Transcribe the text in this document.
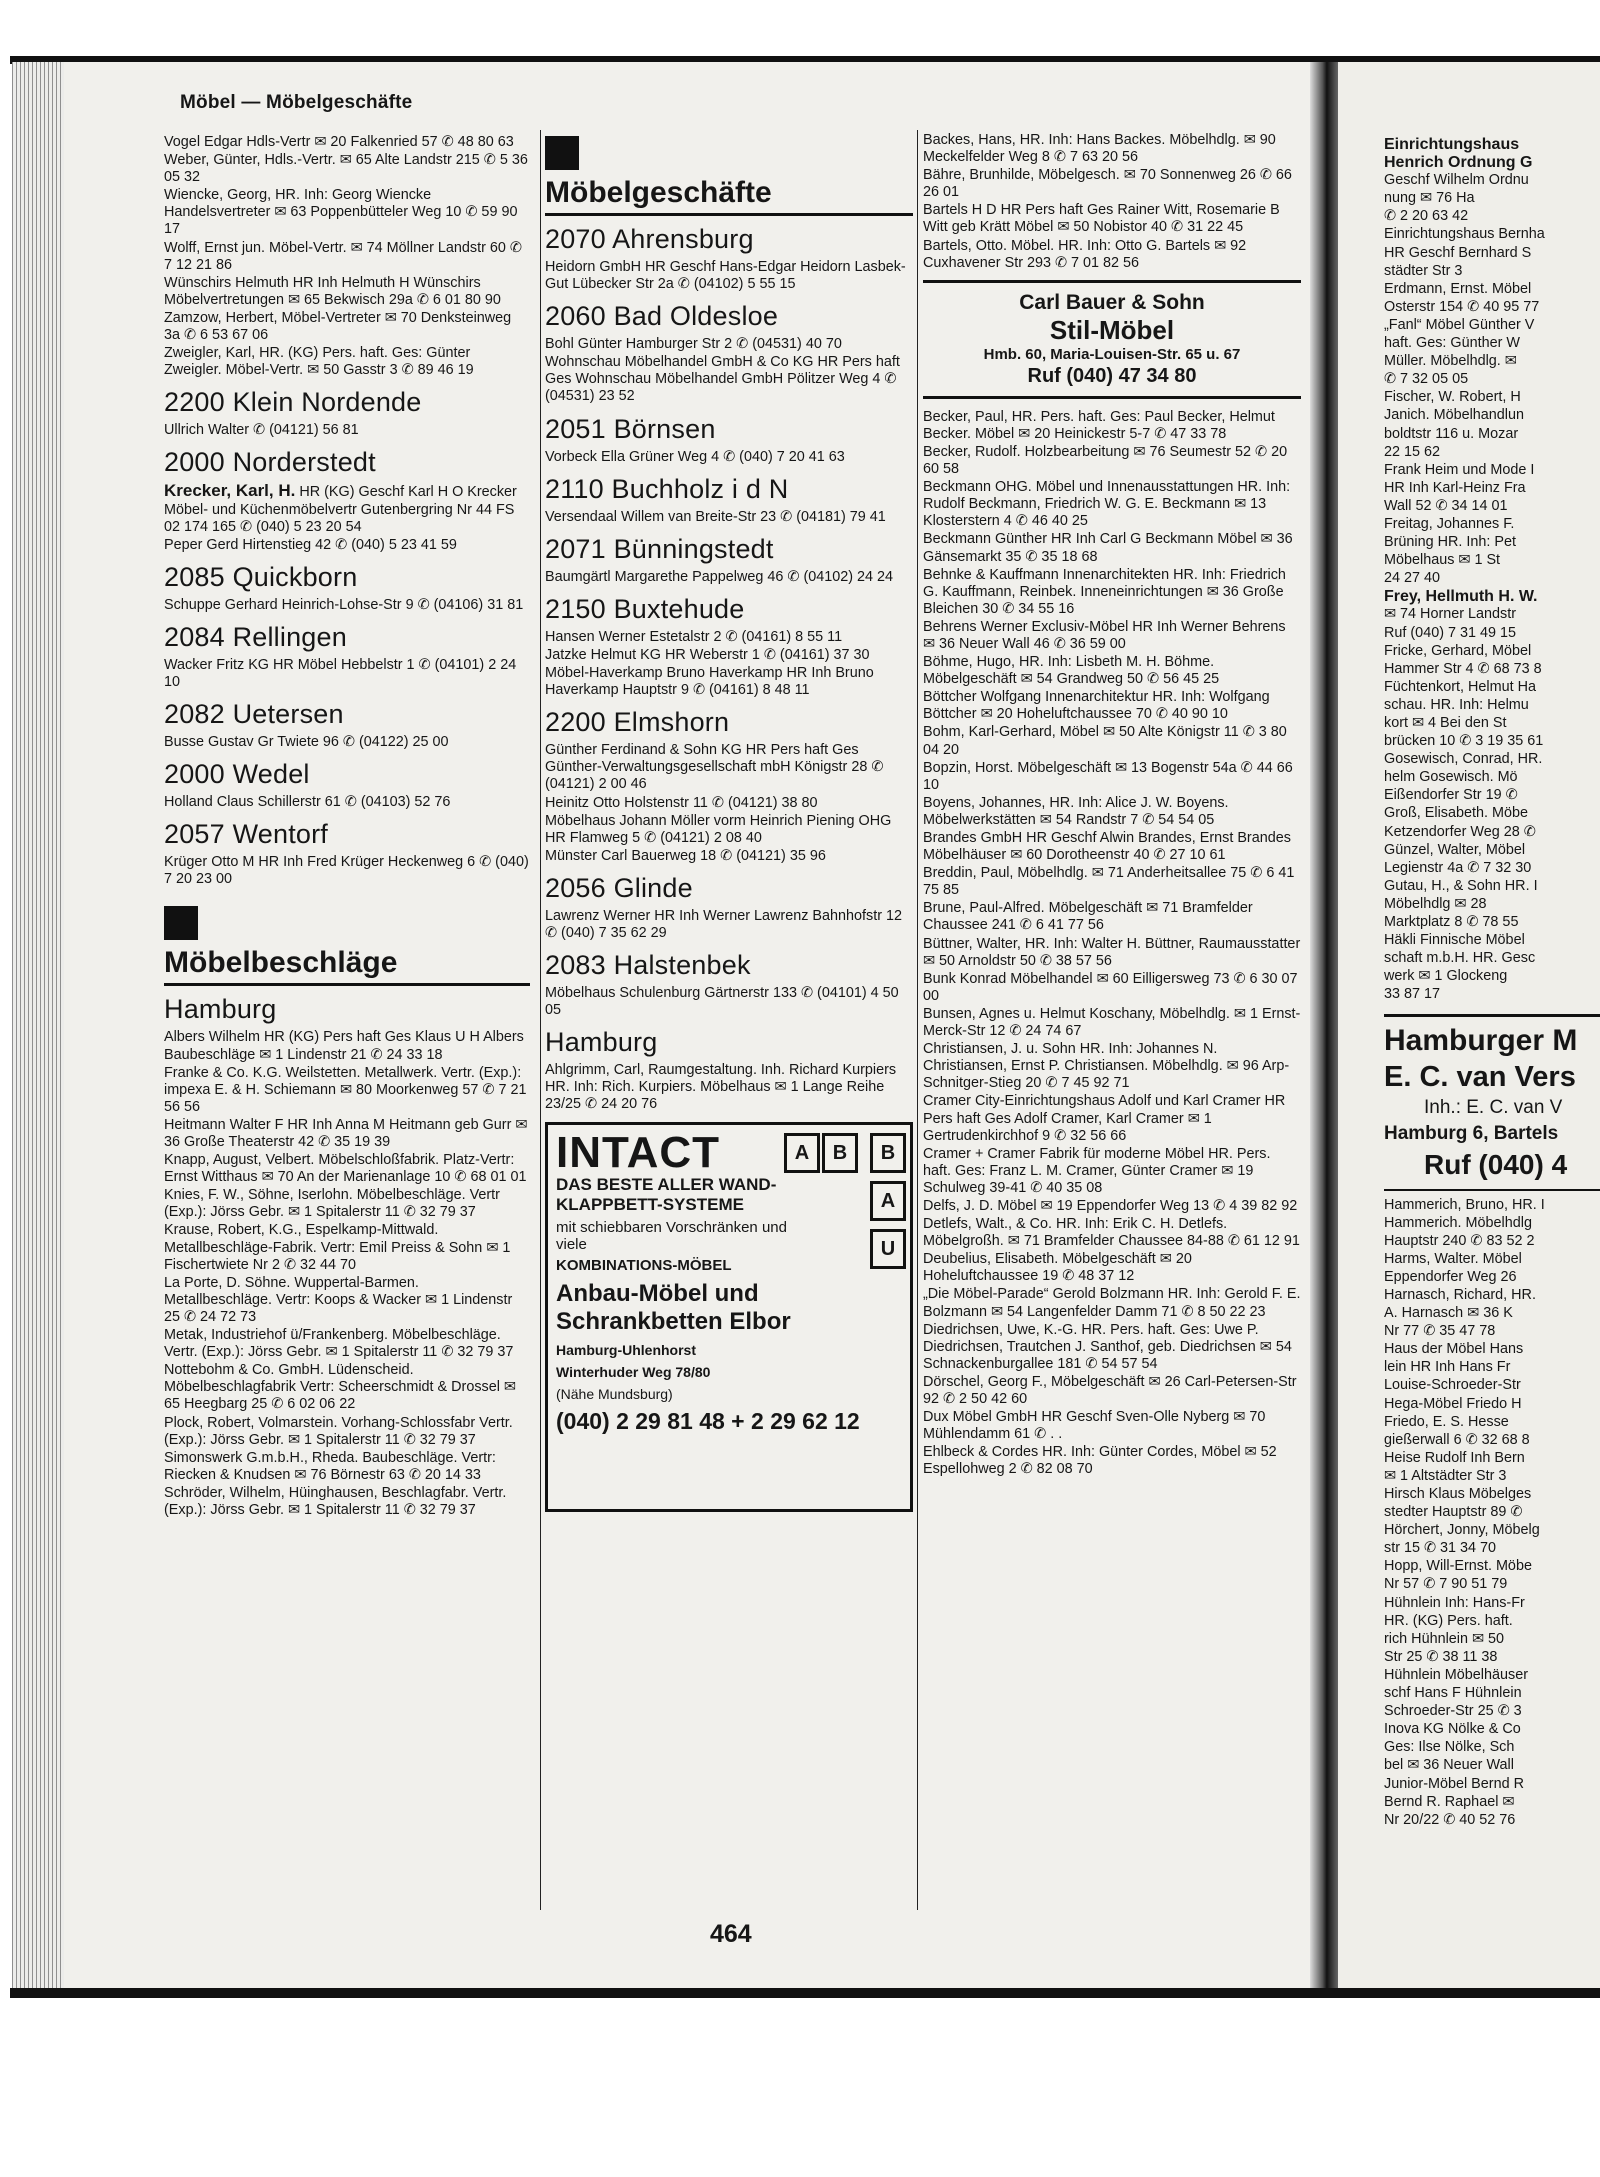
Möbel — Möbelgeschäfte
Vogel Edgar Hdls-Vertr ✉ 20 Falkenried 57 ✆ 48 80 63
Weber, Günter, Hdls.-Vertr. ✉ 65 Alte Landstr 215 ✆ 5 36 05 32
Wiencke, Georg, HR. Inh: Georg Wiencke Handelsvertreter ✉ 63 Poppenbütteler Weg 10 ✆ 59 90 17
Wolff, Ernst jun. Möbel-Vertr. ✉ 74 Möllner Landstr 60 ✆ 7 12 21 86
Wünschirs Helmuth HR Inh Helmuth H Wünschirs Möbelvertretungen ✉ 65 Bekwisch 29a ✆ 6 01 80 90
Zamzow, Herbert, Möbel-Vertreter ✉ 70 Denksteinweg 3a ✆ 6 53 67 06
Zweigler, Karl, HR. (KG) Pers. haft. Ges: Günter Zweigler. Möbel-Vertr. ✉ 50 Gasstr 3 ✆ 89 46 19
2200 Klein Nordende
Ullrich Walter ✆ (04121) 56 81
2000 Norderstedt
Krecker, Karl, H. HR (KG) Geschf Karl H O Krecker Möbel- und Küchenmöbelvertr Gutenbergring Nr 44 FS 02 174 165 ✆ (040) 5 23 20 54
Peper Gerd Hirtenstieg 42 ✆ (040) 5 23 41 59
2085 Quickborn
Schuppe Gerhard Heinrich-Lohse-Str 9 ✆ (04106) 31 81
2084 Rellingen
Wacker Fritz KG HR Möbel Hebbelstr 1 ✆ (04101) 2 24 10
2082 Uetersen
Busse Gustav Gr Twiete 96 ✆ (04122) 25 00
2000 Wedel
Holland Claus Schillerstr 61 ✆ (04103) 52 76
2057 Wentorf
Krüger Otto M HR Inh Fred Krüger Heckenweg 6 ✆ (040) 7 20 23 00
Möbelbeschläge
Hamburg
Albers Wilhelm HR (KG) Pers haft Ges Klaus U H Albers Baubeschläge ✉ 1 Lindenstr 21 ✆ 24 33 18
Franke & Co. K.G. Weilstetten. Metallwerk. Vertr. (Exp.): impexa E. & H. Schiemann ✉ 80 Moorkenweg 57 ✆ 7 21 56 56
Heitmann Walter F HR Inh Anna M Heitmann geb Gurr ✉ 36 Große Theaterstr 42 ✆ 35 19 39
Knapp, August, Velbert. Möbelschloßfabrik. Platz-Vertr: Ernst Witthaus ✉ 70 An der Marienanlage 10 ✆ 68 01 01
Knies, F. W., Söhne, Iserlohn. Möbelbeschläge. Vertr (Exp.): Jörss Gebr. ✉ 1 Spitalerstr 11 ✆ 32 79 37
Krause, Robert, K.G., Espelkamp-Mittwald. Metallbeschläge-Fabrik. Vertr: Emil Preiss & Sohn ✉ 1 Fischertwiete Nr 2 ✆ 32 44 70
La Porte, D. Söhne. Wuppertal-Barmen. Metallbeschläge. Vertr: Koops & Wacker ✉ 1 Lindenstr 25 ✆ 24 72 73
Metak, Industriehof ü/Frankenberg. Möbelbeschläge. Vertr. (Exp.): Jörss Gebr. ✉ 1 Spitalerstr 11 ✆ 32 79 37
Nottebohm & Co. GmbH. Lüdenscheid. Möbelbeschlagfabrik Vertr: Scheerschmidt & Drossel ✉ 65 Heegbarg 25 ✆ 6 02 06 22
Plock, Robert, Volmarstein. Vorhang-Schlossfabr Vertr.(Exp.): Jörss Gebr. ✉ 1 Spitalerstr 11 ✆ 32 79 37
Simonswerk G.m.b.H., Rheda. Baubeschläge. Vertr: Riecken & Knudsen ✉ 76 Börnestr 63 ✆ 20 14 33
Schröder, Wilhelm, Hüinghausen, Beschlagfabr. Vertr. (Exp.): Jörss Gebr. ✉ 1 Spitalerstr 11 ✆ 32 79 37
Möbelgeschäfte
2070 Ahrensburg
Heidorn GmbH HR Geschf Hans-Edgar Heidorn Lasbek-Gut Lübecker Str 2a ✆ (04102) 5 55 15
2060 Bad Oldesloe
Bohl Günter Hamburger Str 2 ✆ (04531) 40 70
Wohnschau Möbelhandel GmbH & Co KG HR Pers haft Ges Wohnschau Möbelhandel GmbH Pölitzer Weg 4 ✆ (04531) 23 52
2051 Börnsen
Vorbeck Ella Grüner Weg 4 ✆ (040) 7 20 41 63
2110 Buchholz i d N
Versendaal Willem van Breite-Str 23 ✆ (04181) 79 41
2071 Bünningstedt
Baumgärtl Margarethe Pappelweg 46 ✆ (04102) 24 24
2150 Buxtehude
Hansen Werner Estetalstr 2 ✆ (04161) 8 55 11
Jatzke Helmut KG HR Weberstr 1 ✆ (04161) 37 30
Möbel-Haverkamp Bruno Haverkamp HR Inh Bruno Haverkamp Hauptstr 9 ✆ (04161) 8 48 11
2200 Elmshorn
Günther Ferdinand & Sohn KG HR Pers haft Ges Günther-Verwaltungsgesellschaft mbH Königstr 28 ✆ (04121) 2 00 46
Heinitz Otto Holstenstr 11 ✆ (04121) 38 80
Möbelhaus Johann Möller vorm Heinrich Piening OHG HR Flamweg 5 ✆ (04121) 2 08 40
Münster Carl Bauerweg 18 ✆ (04121) 35 96
2056 Glinde
Lawrenz Werner HR Inh Werner Lawrenz Bahnhofstr 12 ✆ (040) 7 35 62 29
2083 Halstenbek
Möbelhaus Schulenburg Gärtnerstr 133 ✆ (04101) 4 50 05
Hamburg
Ahlgrimm, Carl, Raumgestaltung. Inh. Richard Kurpiers HR. Inh: Rich. Kurpiers. Möbelhaus ✉ 1 Lange Reihe 23/25 ✆ 24 20 76
INTACT	A B	B
A
U
DAS BESTE ALLER WAND-KLAPPBETT-SYSTEME
mit schiebbaren Vorschränken und viele
KOMBINATIONS-MÖBEL
Anbau-Möbel und Schrankbetten Elbor
Hamburg-Uhlenhorst
Winterhuder Weg 78/80
(Nähe Mundsburg)
(040) 2 29 81 48 + 2 29 62 12
Backes, Hans, HR. Inh: Hans Backes. Möbelhdlg. ✉ 90 Meckelfelder Weg 8 ✆ 7 63 20 56
Bähre, Brunhilde, Möbelgesch. ✉ 70 Sonnenweg 26 ✆ 66 26 01
Bartels H D HR Pers haft Ges Rainer Witt, Rosemarie B Witt geb Krätt Möbel ✉ 50 Nobistor 40 ✆ 31 22 45
Bartels, Otto. Möbel. HR. Inh: Otto G. Bartels ✉ 92 Cuxhavener Str 293 ✆ 7 01 82 56
Carl Bauer & Sohn
Stil-Möbel
Hmb. 60, Maria-Louisen-Str. 65 u. 67
Ruf (040) 47 34 80
Becker, Paul, HR. Pers. haft. Ges: Paul Becker, Helmut Becker. Möbel ✉ 20 Heinickestr 5-7 ✆ 47 33 78
Becker, Rudolf. Holzbearbeitung ✉ 76 Seumestr 52 ✆ 20 60 58
Beckmann OHG. Möbel und Innenausstattungen HR. Inh: Rudolf Beckmann, Friedrich W. G. E. Beckmann ✉ 13 Klosterstern 4 ✆ 46 40 25
Beckmann Günther HR Inh Carl G Beckmann Möbel ✉ 36 Gänsemarkt 35 ✆ 35 18 68
Behnke & Kauffmann Innenarchitekten HR. Inh: Friedrich G. Kauffmann, Reinbek. Inneneinrichtungen ✉ 36 Große Bleichen 30 ✆ 34 55 16
Behrens Werner Exclusiv-Möbel HR Inh Werner Behrens ✉ 36 Neuer Wall 46 ✆ 36 59 00
Böhme, Hugo, HR. Inh: Lisbeth M. H. Böhme. Möbelgeschäft ✉ 54 Grandweg 50 ✆ 56 45 25
Böttcher Wolfgang Innenarchitektur HR. Inh: Wolfgang Böttcher ✉ 20 Hoheluftchaussee 70 ✆ 40 90 10
Bohm, Karl-Gerhard, Möbel ✉ 50 Alte Königstr 11 ✆ 3 80 04 20
Bopzin, Horst. Möbelgeschäft ✉ 13 Bogenstr 54a ✆ 44 66 10
Boyens, Johannes, HR. Inh: Alice J. W. Boyens. Möbelwerkstätten ✉ 54 Randstr 7 ✆ 54 54 05
Brandes GmbH HR Geschf Alwin Brandes, Ernst Brandes Möbelhäuser ✉ 60 Dorotheenstr 40 ✆ 27 10 61
Breddin, Paul, Möbelhdlg. ✉ 71 Anderheitsallee 75 ✆ 6 41 75 85
Brune, Paul-Alfred. Möbelgeschäft ✉ 71 Bramfelder Chaussee 241 ✆ 6 41 77 56
Büttner, Walter, HR. Inh: Walter H. Büttner, Raumausstatter ✉ 50 Arnoldstr 50 ✆ 38 57 56
Bunk Konrad Möbelhandel ✉ 60 Eilligersweg 73 ✆ 6 30 07 00
Bunsen, Agnes u. Helmut Koschany, Möbelhdlg. ✉ 1 Ernst-Merck-Str 12 ✆ 24 74 67
Christiansen, J. u. Sohn HR. Inh: Johannes N. Christiansen, Ernst P. Christiansen. Möbelhdlg. ✉ 96 Arp-Schnitger-Stieg 20 ✆ 7 45 92 71
Cramer City-Einrichtungshaus Adolf und Karl Cramer HR Pers haft Ges Adolf Cramer, Karl Cramer ✉ 1 Gertrudenkirchhof 9 ✆ 32 56 66
Cramer + Cramer Fabrik für moderne Möbel HR. Pers. haft. Ges: Franz L. M. Cramer, Günter Cramer ✉ 19 Schulweg 39-41 ✆ 40 35 08
Delfs, J. D. Möbel ✉ 19 Eppendorfer Weg 13 ✆ 4 39 82 92
Detlefs, Walt., & Co. HR. Inh: Erik C. H. Detlefs. Möbelgroßh. ✉ 71 Bramfelder Chaussee 84-88 ✆ 61 12 91
Deubelius, Elisabeth. Möbelgeschäft ✉ 20 Hoheluftchaussee 19 ✆ 48 37 12
„Die Möbel-Parade“ Gerold Bolzmann HR. Inh: Gerold F. E. Bolzmann ✉ 54 Langenfelder Damm 71 ✆ 8 50 22 23
Diedrichsen, Uwe, K.-G. HR. Pers. haft. Ges: Uwe P. Diedrichsen, Trautchen J. Santhof, geb. Diedrichsen ✉ 54 Schnackenburgallee 181 ✆ 54 57 54
Dörschel, Georg F., Möbelgeschäft ✉ 26 Carl-Petersen-Str 92 ✆ 2 50 42 60
Dux Möbel GmbH HR Geschf Sven-Olle Nyberg ✉ 70 Mühlendamm 61 ✆ . .
Ehlbeck & Cordes HR. Inh: Günter Cordes, Möbel ✉ 52 Espellohweg 2 ✆ 82 08 70
Einrichtungshaus
Henrich Ordnung G
Geschf Wilhelm Ordnu
nung ✉ 76 Ha
✆ 2 20 63 42
Einrichtungshaus Bernha
HR Geschf Bernhard S
städter Str 3
Erdmann, Ernst. Möbel
Osterstr 154 ✆ 40 95 77
„Fanl“ Möbel Günther V
haft. Ges: Günther W
Müller. Möbelhdlg. ✉
✆ 7 32 05 05
Fischer, W. Robert, H
Janich. Möbelhandlun
boldtstr 116 u. Mozar
22 15 62
Frank Heim und Mode I
HR Inh Karl-Heinz Fra
Wall 52 ✆ 34 14 01
Freitag, Johannes F.
Brüning HR. Inh: Pet
Möbelhaus ✉ 1 St
24 27 40
Frey, Hellmuth H. W.
✉ 74 Horner Landstr
Ruf (040) 7 31 49 15
Fricke, Gerhard, Möbel
Hammer Str 4 ✆ 68 73 8
Füchtenkort, Helmut Ha
schau. HR. Inh: Helmu
kort ✉ 4 Bei den St
brücken 10 ✆ 3 19 35 61
Gosewisch, Conrad, HR.
helm Gosewisch. Mö
Eißendorfer Str 19 ✆
Groß, Elisabeth. Möbe
Ketzendorfer Weg 28 ✆
Günzel, Walter, Möbel
Legienstr 4a ✆ 7 32 30
Gutau, H., & Sohn HR. I
Möbelhdlg ✉ 28
Marktplatz 8 ✆ 78 55
Häkli Finnische Möbel
schaft m.b.H. HR. Gesc
werk ✉ 1 Glockeng
33 87 17
Hamburger M
E. C. van Vers
Inh.: E. C. van V
Hamburg 6, Bartels
Ruf (040) 4
Hammerich, Bruno, HR. I
Hammerich. Möbelhdlg
Hauptstr 240 ✆ 83 52 2
Harms, Walter. Möbel
Eppendorfer Weg 26
Harnasch, Richard, HR.
A. Harnasch ✉ 36 K
Nr 77 ✆ 35 47 78
Haus der Möbel Hans
lein HR Inh Hans Fr
Louise-Schroeder-Str
Hega-Möbel Friedo H
Friedo, E. S. Hesse
gießerwall 6 ✆ 32 68 8
Heise Rudolf Inh Bern
✉ 1 Altstädter Str 3
Hirsch Klaus Möbelges
stedter Hauptstr 89 ✆
Hörchert, Jonny, Möbelg
str 15 ✆ 31 34 70
Hopp, Will-Ernst. Möbe
Nr 57 ✆ 7 90 51 79
Hühnlein Inh: Hans-Fr
HR. (KG) Pers. haft.
rich Hühnlein ✉ 50
Str 25 ✆ 38 11 38
Hühnlein Möbelhäuser
schf Hans F Hühnlein
Schroeder-Str 25 ✆ 3
Inova KG Nölke & Co
Ges: Ilse Nölke, Sch
bel ✉ 36 Neuer Wall
Junior-Möbel Bernd R
Bernd R. Raphael ✉
Nr 20/22 ✆ 40 52 76
464
